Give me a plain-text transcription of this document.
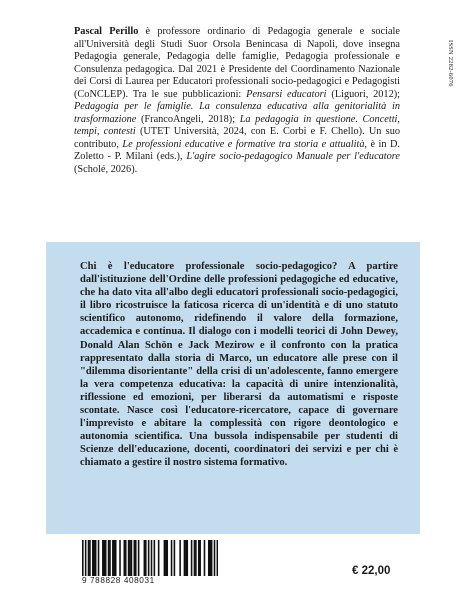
ISSN 2282-6076

Pascal Perillo è professore ordinario di Pedagogia generale e sociale all'Università degli Studi Suor Orsola Benincasa di Napoli, dove insegna Pedagogia generale, Pedagogia delle famiglie, Pedagogia professionale e Consulenza pedagogica. Dal 2021 è Presidente del Coordinamento Nazionale dei Corsi di Laurea per Educatori professionali socio-pedagogici e Pedagogisti (CoNCLEP). Tra le sue pubblicazioni: Pensarsi educatori (Liguori, 2012); Pedagogia per le famiglie. La consulenza educativa alla genitorialità in trasformazione (FrancoAngeli, 2018); La pedagogia in questione. Concetti, tempi, contesti (UTET Università, 2024, con E. Corbi e F. Chello). Un suo contributo, Le professioni educative e formative tra storia e attualità, è in D. Zoletto - P. Milani (eds.), L'agire socio-pedagogico Manuale per l'educatore (Scholé, 2026).

Chi è l'educatore professionale socio-pedagogico? A partire dall'istituzione dell'Ordine delle professioni pedagogiche ed educative, che ha dato vita all'albo degli educatori professionali socio-pedagogici, il libro ricostruisce la faticosa ricerca di un'identità e di uno statuto scientifico autonomo, ridefinendo il valore della formazione, accademica e continua. Il dialogo con i modelli teorici di John Dewey, Donald Alan Schön e Jack Mezirow e il confronto con la pratica rappresentato dalla storia di Marco, un educatore alle prese con il "dilemma disorientante" della crisi di un'adolescente, fanno emergere la vera competenza educativa: la capacità di unire intenzionalità, riflessione ed emozioni, per liberarsi da automatismi e risposte scontate. Nasce così l'educatore-ricercatore, capace di governare l'imprevisto e abitare la complessità con rigore deontologico e autonomia scientifica. Una bussola indispensabile per studenti di Scienze dell'educazione, docenti, coordinatori dei servizi e per chi è chiamato a gestire il nostro sistema formativo.

9 788828 408031
€ 22,00
